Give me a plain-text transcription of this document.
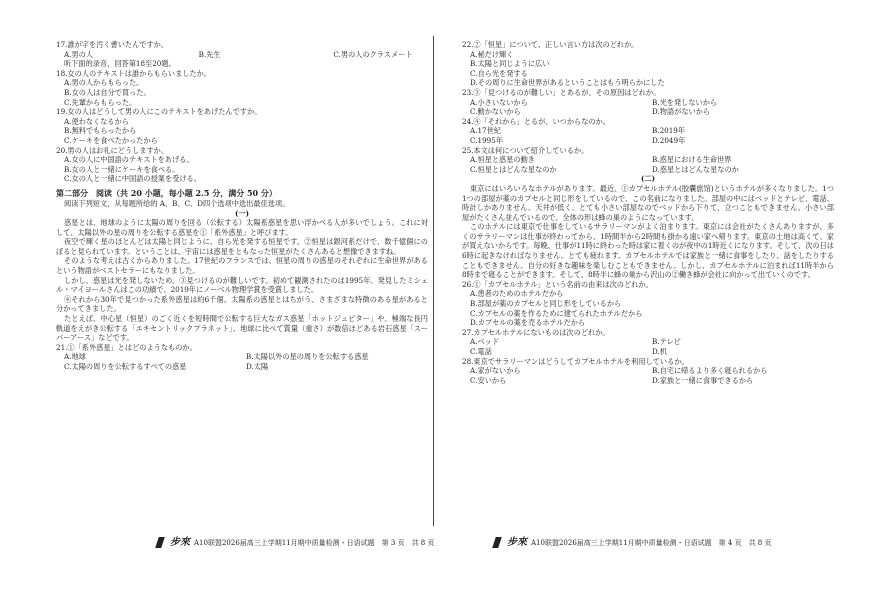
17.誰が字を汚く書いたんですか。
A.男の人	B.先生	C.男の人のクラスメート
听下面的录音，回答第18至20题。
18.女の人のテキストは誰からもらいましたか。
A.男の人からもらった。
B.女の人は自分で買った。
C.先輩からもらった。
19.女の人はどうして男の人にこのテキストをあげたんですか。
A.使わなくなるから
B.無料でもらったから
C.ケーキを食べたかったから
20.男の人はお礼にどうしますか。
A.女の人に中国語のテキストをあげる。
B.女の人と一緒にケーキを食べる。
C.女の人と一緒に中国語の授業を受ける。
第二部分　阅读（共 20 小题，每小题 2.5 分，满分 50 分）
阅读下列短文，从每题所给的 A、B、C、D四个选项中选出最佳选项。
(一)

惑星とは、地球のように太陽の周りを回る（公転する）太陽系惑星を思い浮かべる人が多いでしょう。これに対して、太陽以外の星の周りを公転する惑星を①「系外惑星」と呼びます。

夜空で輝く星のほとんどは太陽と同じように、自ら光を発する恒星です。②恒星は銀河系だけで、数千億個にのぼると見られています。ということは、宇宙には惑星をともなった恒星がたくさんあると想像できますね。

そのような考えは古くからありました。17世紀のフランスでは、恒星の周りの惑星のそれぞれに生命世界があるという物語がベストセラーにもなりました。

しかし、惑星は光を発しないため、③見つけるのが難しいです。初めて観測されたのは1995年。発見したミシェル・マイヨールさんはこの功績で、2019年にノーベル物理学賞を受賞しました。

④それから30年で見つかった系外惑星は約6千個。太陽系の惑星とはちがう、さまざまな特徴のある星があると分かってきました。

たとえば、中心星（恒星）のごく近くを短時間で公転する巨大なガス惑星「ホットジュピター」や、極端な長円軌道をえがき公転する「エキセントリックプラネット」、地球に比べて質量（重さ）が数倍ほどある岩石惑星「スーパーアース」などです。

21.①「系外惑星」とはどのようなものか。
A.地球	B.太陽以外の星の周りを公転する惑星
C.太陽の周りを公転するすべての惑星	D.太陽
22.②「恒星」について、正しい言い方は次のどれか。
A.秘だけ輝く
B.太陽と同じように広い
C.自ら光を発する
D.その周りに生命世界があるということはもう明らかにした
23.③「見つけるのが難しい」とあるが、その原因はどれか。
A.小さいないから	B.光を発しないから
C.動かないから	D.物語がないから
24.④「それから」とるが、いつからなのか。
A.17世紀	B.2019年
C.1995年	D.2049年
25.本文は何について紹介しているか。
A.恒星と惑星の動き	B.惑星における生命世界
C.恒星とはどんな星なのか	D.惑星とはどんな星なのか
(二)

東京にはいろいろなホテルがあります。最近、①カプセルホテル(胶囊旅馆)というホテルが多くなりました。1つ1つの部屋が薬のカプセルと同じ形をしているので、この名前になりました。部屋の中にはベッドとテレビ、電話、時計しかありません。天井が低く、とても小さい部屋なのでベッドから下りて、立つこともできません。小さい部屋がたくさん並んでいるので、全体の形は蜂の巣のようになっています。

このホテルには東京で仕事をしているサラリーマンがよく泊まります。東京には会社がたくさんありますが、多くのサラリーマンは仕事が終わってから、1時間半から2時間も掛かる遠い家へ帰ります。東京の土地は高くて、家が買えないからです。毎晩、仕事が11時に終わった時は家に着くのが夜中の1時近くになります。そして、次の日は6時に起きなければなりません。とても疲れます。カプセルホテルでは家族と一緒に食事をしたり、話をしたりすることもできません。自分の好きな趣味を楽しむこともできません。しかし、カプセルホテルに泊まれば11時半から8時まで寝ることができます。そして、8時半に蜂の巣から沢山の②働き蜂が会社に向かって出ていくのです。

26.①「カプセルホテル」という名前の由来は次のどれか。
A.患者のためのホテルだから
B.部屋が薬のカプセルと同じ形をしているから
C.カプセルの薬を作るために建てられたホテルだから
D.カプセルの薬を売るホテルだから
27.カプセルホテルにないものは次のどれか。
A.ベッド	B.テレビ
C.電話	D.机
28.東京でサラリーマンはどうしてカプセルホテルを利用しているか。
A.家がないから	B.自宅に帰るより多く寝られるから
C.安いから	D.家族と一緒に食事できるから
步來 A10联盟2026届高三上学期11月期中质量检测・日语试题　第 3 页　共 8 页	步來 A10联盟2026届高三上学期11月期中质量检测・日语试题　第 4 页　共 8 页
